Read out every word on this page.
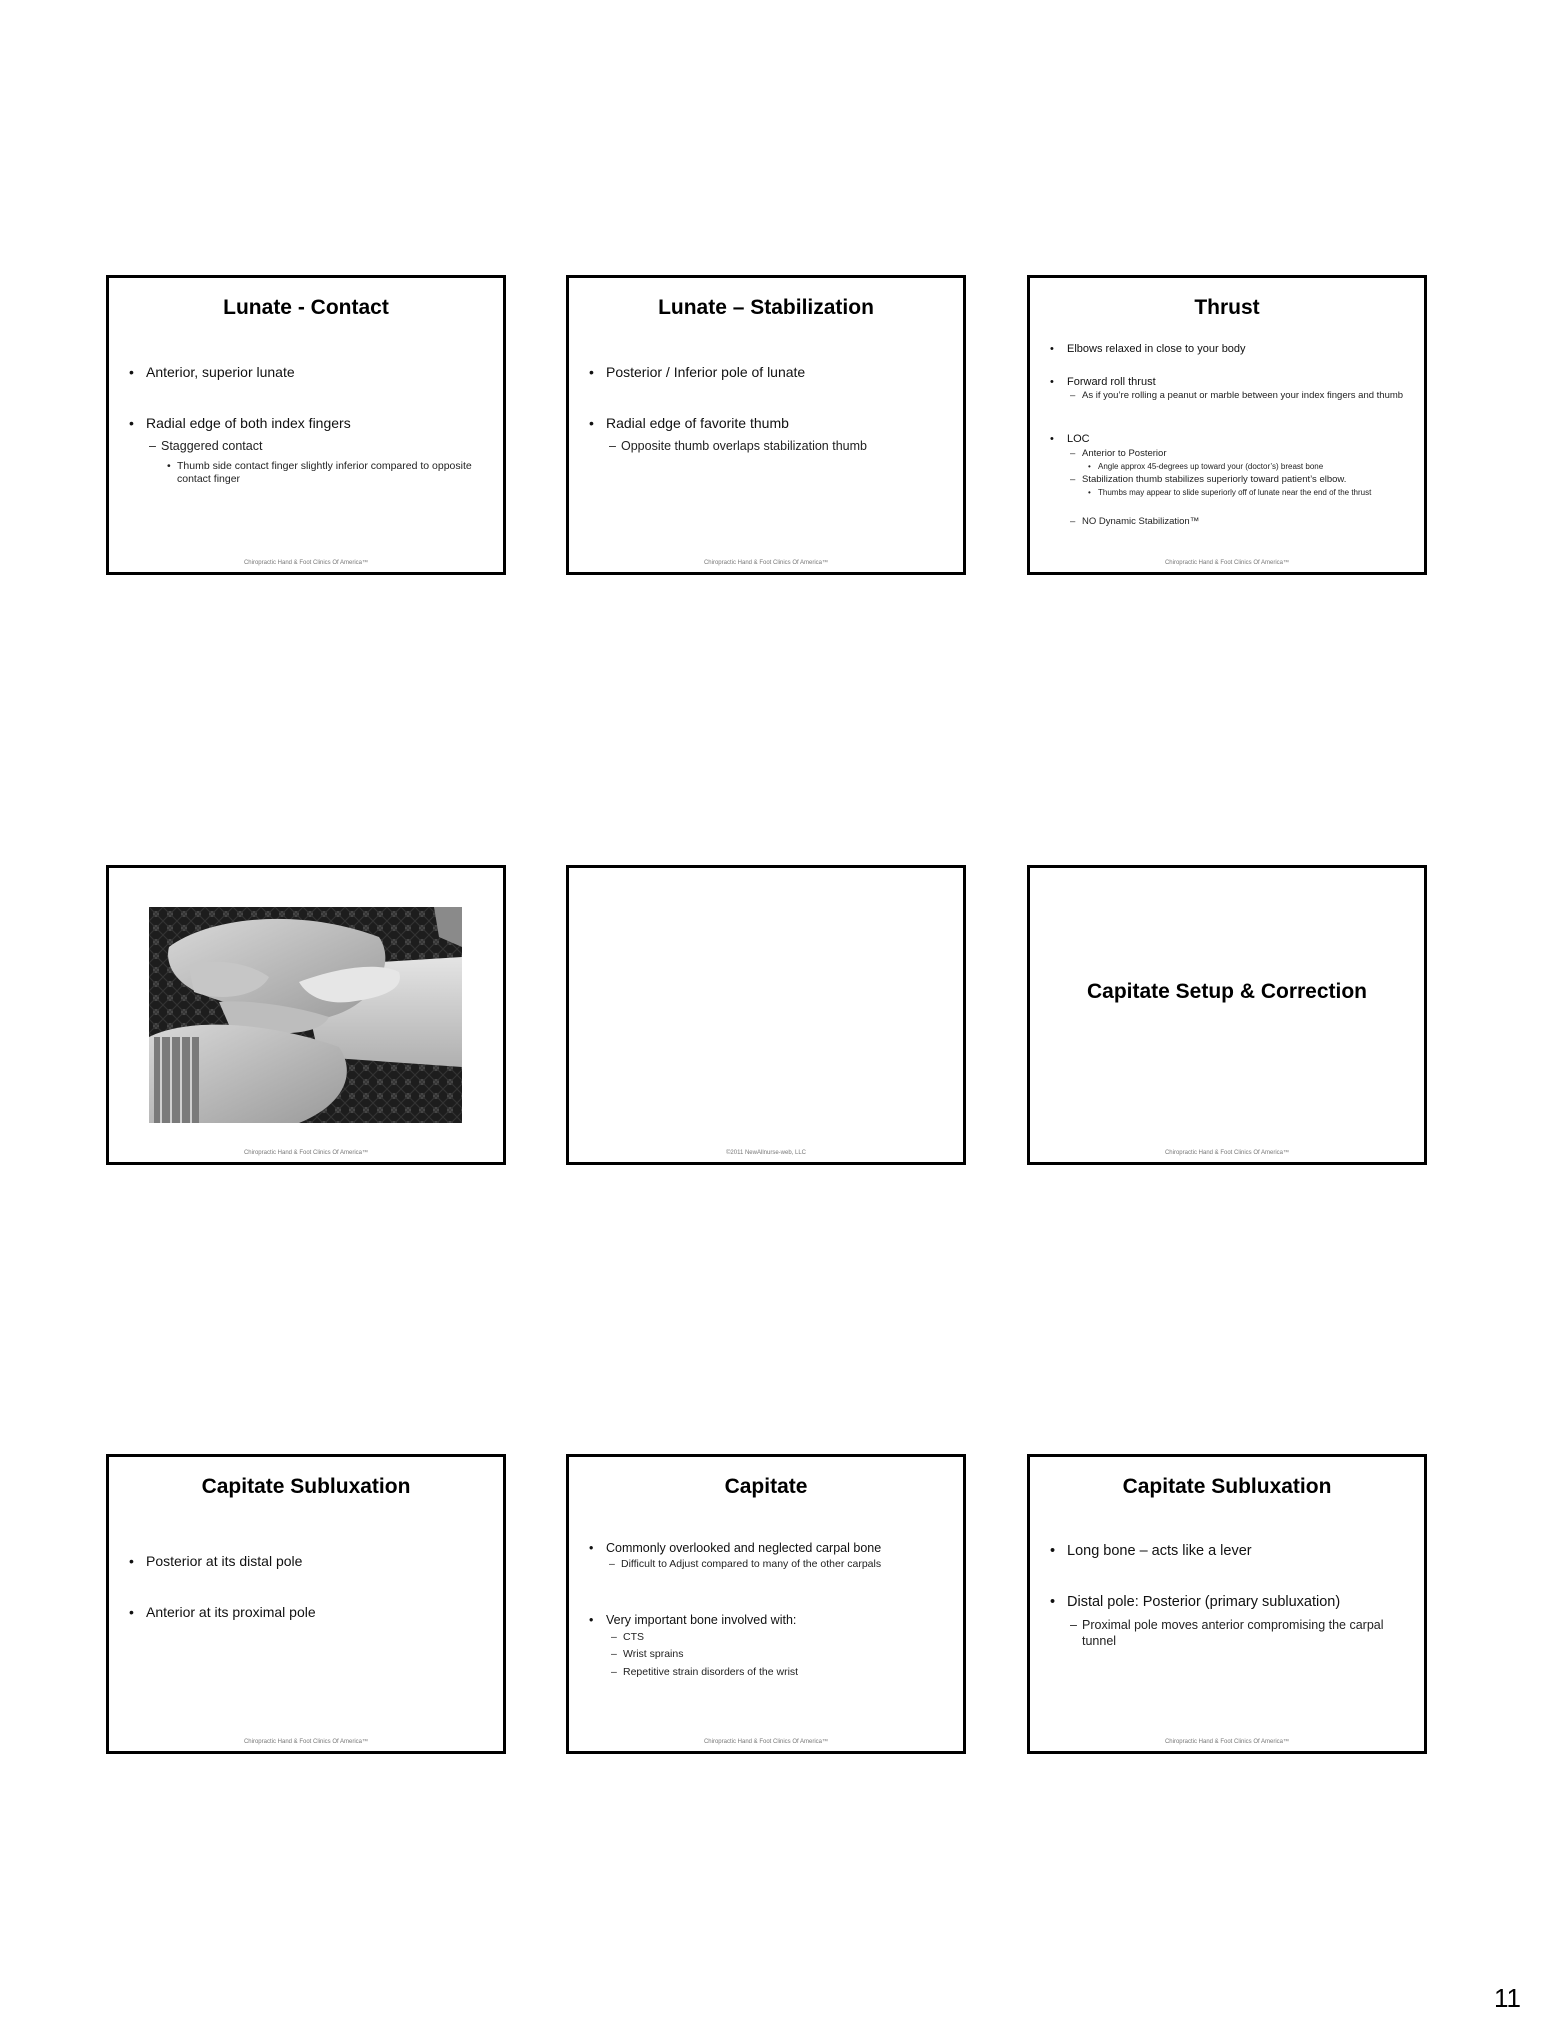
Lunate - Contact
• Anterior, superior lunate
• Radial edge of both index fingers
– Staggered contact
• Thumb side contact finger slightly inferior compared to opposite contact finger
Chiropractic Hand & Foot Clinics Of America™
Lunate – Stabilization
• Posterior / Inferior pole of lunate
• Radial edge of favorite thumb
– Opposite thumb overlaps stabilization thumb
Chiropractic Hand & Foot Clinics Of America™
Thrust
• Elbows relaxed in close to your body
• Forward roll thrust
– As if you’re rolling a peanut or marble between your index fingers and thumb
• LOC
– Anterior to Posterior
• Angle approx 45-degrees up toward your (doctor’s) breast bone
– Stabilization thumb stabilizes superiorly toward patient’s elbow.
• Thumbs may appear to slide superiorly off of lunate near the end of the thrust
– NO Dynamic Stabilization™
Chiropractic Hand & Foot Clinics Of America™
Chiropractic Hand & Foot Clinics Of America™	©2011 NewAllnurse-web, LLC
Capitate Setup & Correction
Chiropractic Hand & Foot Clinics Of America™
Capitate Subluxation
• Posterior at its distal pole
• Anterior at its proximal pole
Chiropractic Hand & Foot Clinics Of America™
Capitate
• Commonly overlooked and neglected carpal bone
– Difficult to Adjust compared to many of the other carpals
• Very important bone involved with:
– CTS
– Wrist sprains
– Repetitive strain disorders of the wrist
Chiropractic Hand & Foot Clinics Of America™
Capitate Subluxation
• Long bone – acts like a lever
• Distal pole: Posterior (primary subluxation)
– Proximal pole moves anterior compromising the carpal tunnel
Chiropractic Hand & Foot Clinics Of America™
11
